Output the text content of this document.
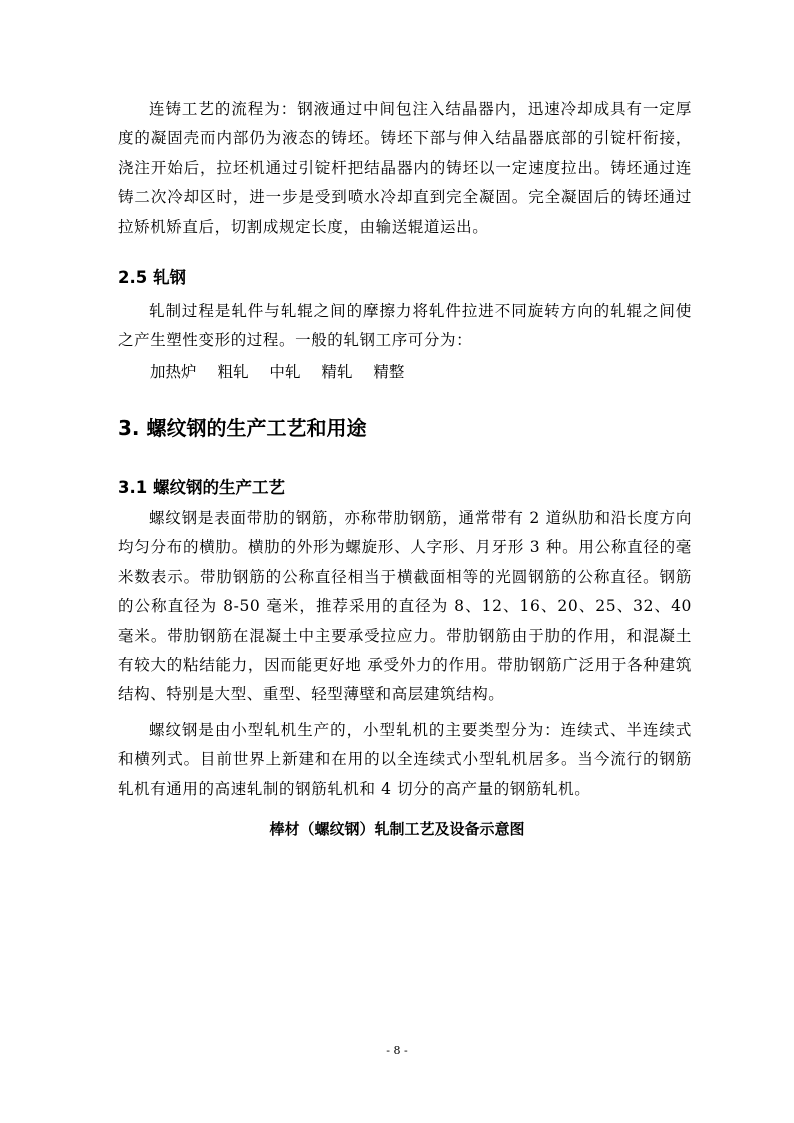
连铸工艺的流程为：钢液通过中间包注入结晶器内，迅速冷却成具有一定厚度的凝固壳而内部仍为液态的铸坯。铸坯下部与伸入结晶器底部的引锭杆衔接，浇注开始后，拉坯机通过引锭杆把结晶器内的铸坯以一定速度拉出。铸坯通过连铸二次冷却区时，进一步是受到喷水冷却直到完全凝固。完全凝固后的铸坯通过拉矫机矫直后，切割成规定长度，由输送辊道运出。

2.5 轧钢

轧制过程是轧件与轧辊之间的摩擦力将轧件拉进不同旋转方向的轧辊之间使之产生塑性变形的过程。一般的轧钢工序可分为：

加热炉 粗轧 中轧 精轧 精整

3. 螺纹钢的生产工艺和用途
3.1 螺纹钢的生产工艺

螺纹钢是表面带肋的钢筋，亦称带肋钢筋，通常带有 2 道纵肋和沿长度方向均匀分布的横肋。横肋的外形为螺旋形、人字形、月牙形 3 种。用公称直径的毫米数表示。带肋钢筋的公称直径相当于横截面相等的光圆钢筋的公称直径。钢筋的公称直径为 8-50 毫米，推荐采用的直径为 8、12、16、20、25、32、40 毫米。带肋钢筋在混凝土中主要承受拉应力。带肋钢筋由于肋的作用，和混凝土有较大的粘结能力，因而能更好地 承受外力的作用。带肋钢筋广泛用于各种建筑结构、特别是大型、重型、轻型薄壁和高层建筑结构。

螺纹钢是由小型轧机生产的，小型轧机的主要类型分为：连续式、半连续式和横列式。目前世界上新建和在用的以全连续式小型轧机居多。当今流行的钢筋轧机有通用的高速轧制的钢筋轧机和 4 切分的高产量的钢筋轧机。

棒材（螺纹钢）轧制工艺及设备示意图

- 8 -
